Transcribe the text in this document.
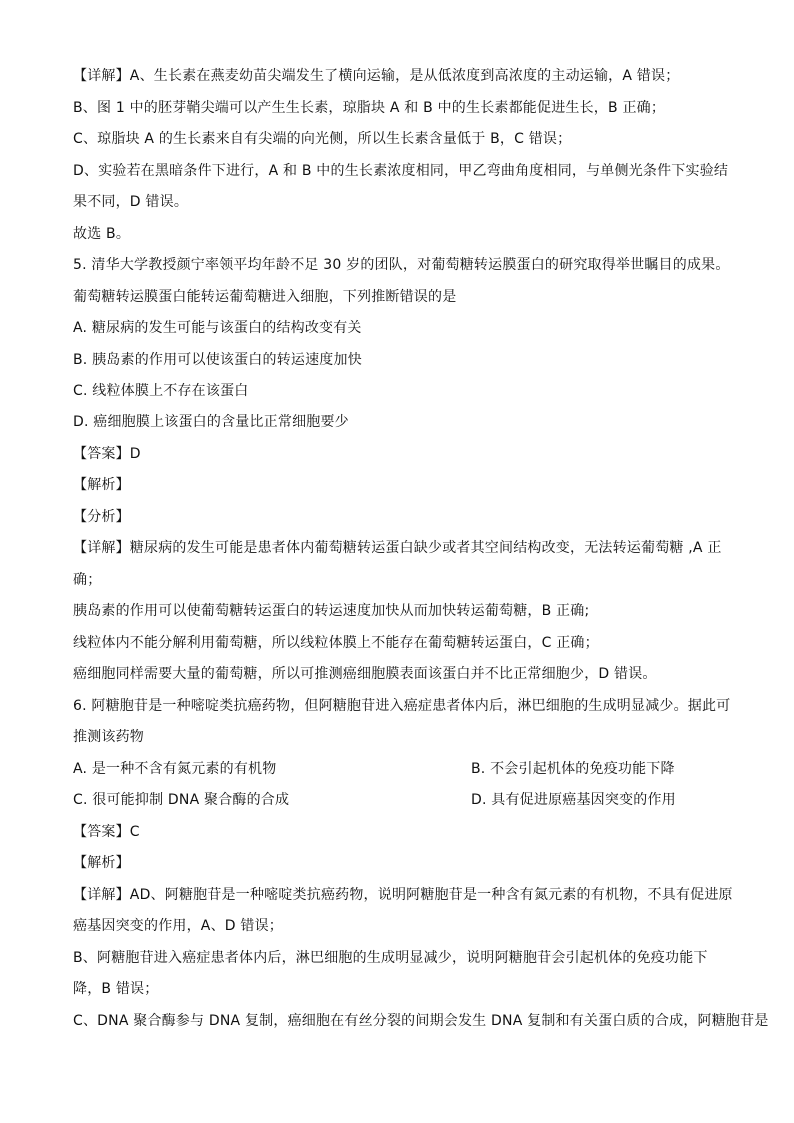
【详解】A、生长素在燕麦幼苗尖端发生了横向运输，是从低浓度到高浓度的主动运输，A 错误；
B、图 1 中的胚芽鞘尖端可以产生生长素，琼脂块 A 和 B 中的生长素都能促进生长，B 正确；
C、琼脂块 A 的生长素来自有尖端的向光侧，所以生长素含量低于 B，C 错误；
D、实验若在黑暗条件下进行，A 和 B 中的生长素浓度相同，甲乙弯曲角度相同，与单侧光条件下实验结
果不同，D 错误。
故选 B。
5. 清华大学教授颜宁率领平均年龄不足 30 岁的团队，对葡萄糖转运膜蛋白的研究取得举世瞩目的成果。
葡萄糖转运膜蛋白能转运葡萄糖进入细胞，下列推断错误的是
A. 糖尿病的发生可能与该蛋白的结构改变有关
B. 胰岛素的作用可以使该蛋白的转运速度加快
C. 线粒体膜上不存在该蛋白
D. 癌细胞膜上该蛋白的含量比正常细胞要少
【答案】D
【解析】
【分析】
【详解】糖尿病的发生可能是患者体内葡萄糖转运蛋白缺少或者其空间结构改变，无法转运葡萄糖 ,A 正
确；
胰岛素的作用可以使葡萄糖转运蛋白的转运速度加快从而加快转运葡萄糖，B 正确;
线粒体内不能分解利用葡萄糖，所以线粒体膜上不能存在葡萄糖转运蛋白，C 正确；
癌细胞同样需要大量的葡萄糖，所以可推测癌细胞膜表面该蛋白并不比正常细胞少，D 错误。
6. 阿糖胞苷是一种嘧啶类抗癌药物，但阿糖胞苷进入癌症患者体内后，淋巴细胞的生成明显减少。据此可
推测该药物
A. 是一种不含有氮元素的有机物	B. 不会引起机体的免疫功能下降
C. 很可能抑制 DNA 聚合酶的合成	D. 具有促进原癌基因突变的作用
【答案】C
【解析】
【详解】AD、阿糖胞苷是一种嘧啶类抗癌药物，说明阿糖胞苷是一种含有氮元素的有机物，不具有促进原
癌基因突变的作用，A、D 错误；
B、阿糖胞苷进入癌症患者体内后，淋巴细胞的生成明显减少，说明阿糖胞苷会引起机体的免疫功能下
降，B 错误；
C、DNA 聚合酶参与 DNA 复制，癌细胞在有丝分裂的间期会发生 DNA 复制和有关蛋白质的合成，阿糖胞苷是
